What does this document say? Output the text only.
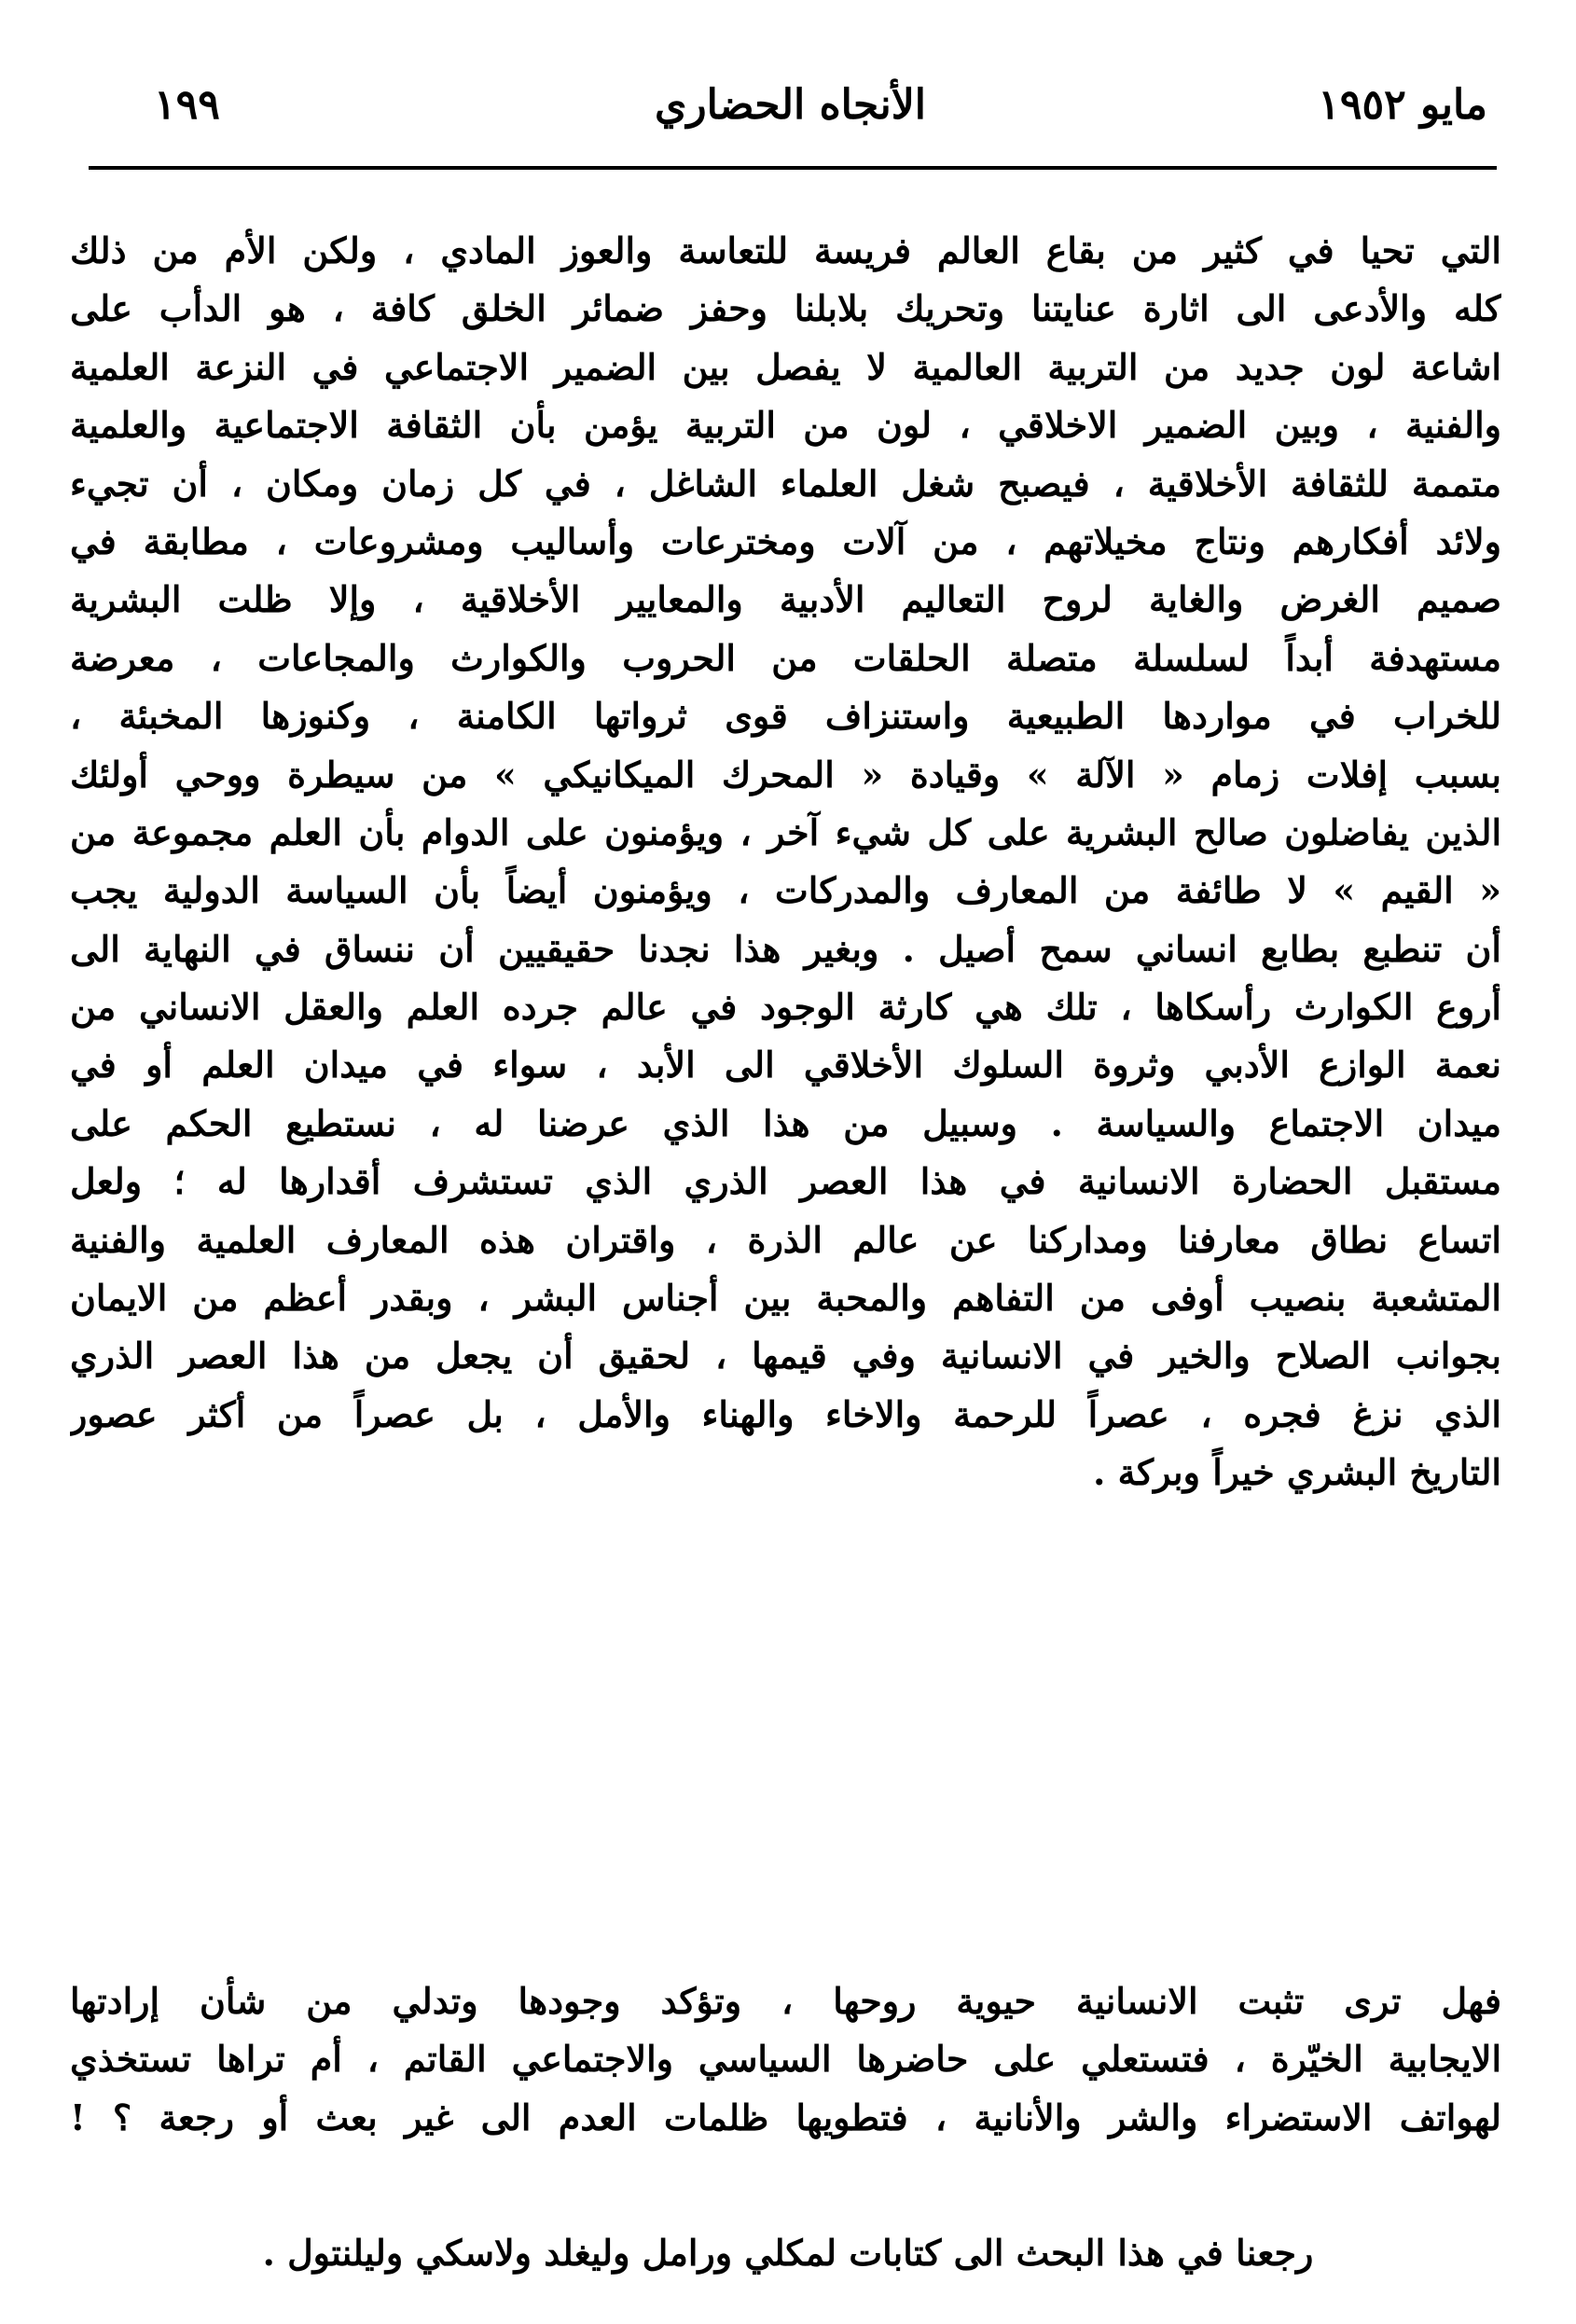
مايو ١٩٥٢
الأنجاه الحضاري
١٩٩
التي تحيا في كثير من بقاع العالم فريسة للتعاسة والعوز المادي ، ولكن الأم من ذلك
كله والأدعى الى اثارة عنايتنا وتحريك بلابلنا وحفز ضمائر الخلق كافة ، هو الدأب على
اشاعة لون جديد من التربية العالمية لا يفصل بين الضمير الاجتماعي في النزعة العلمية
والفنية ، وبين الضمير الاخلاقي ، لون من التربية يؤمن بأن الثقافة الاجتماعية والعلمية
متممة للثقافة الأخلاقية ، فيصبح شغل العلماء الشاغل ، في كل زمان ومكان ، أن تجيء
ولائد أفكارهم ونتاج مخيلاتهم ، من آلات ومخترعات وأساليب ومشروعات ، مطابقة في
صميم الغرض والغاية لروح التعاليم الأدبية والمعايير الأخلاقية ، وإلا ظلت البشرية
مستهدفة أبداً لسلسلة متصلة الحلقات من الحروب والكوارث والمجاعات ، معرضة
للخراب في مواردها الطبيعية واستنزاف قوى ثرواتها الكامنة ، وكنوزها المخبئة ،
بسبب إفلات زمام « الآلة » وقيادة « المحرك الميكانيكي » من سيطرة ووحي أولئك
الذين يفاضلون صالح البشرية على كل شيء آخر ، ويؤمنون على الدوام بأن العلم مجموعة من
« القيم » لا طائفة من المعارف والمدركات ، ويؤمنون أيضاً بأن السياسة الدولية يجب
أن تنطبع بطابع انساني سمح أصيل . وبغير هذا نجدنا حقيقيين أن ننساق في النهاية الى
أروع الكوارث رأسكاها ، تلك هي كارثة الوجود في عالم جرده العلم والعقل الانساني من
نعمة الوازع الأدبي وثروة السلوك الأخلاقي الى الأبد ، سواء في ميدان العلم أو في
ميدان الاجتماع والسياسة . وسبيل من هذا الذي عرضنا له ، نستطيع الحكم على
مستقبل الحضارة الانسانية في هذا العصر الذري الذي تستشرف أقدارها له ؛ ولعل
اتساع نطاق معارفنا ومداركنا عن عالم الذرة ، واقتران هذه المعارف العلمية والفنية
المتشعبة بنصيب أوفى من التفاهم والمحبة بين أجناس البشر ، وبقدر أعظم من الايمان
بجوانب الصلاح والخير في الانسانية وفي قيمها ، لحقيق أن يجعل من هذا العصر الذري
الذي نزغ فجره ، عصراً للرحمة والاخاء والهناء والأمل ، بل عصراً من أكثر عصور
التاريخ البشري خيراً وبركة .
فهل ترى تثبت الانسانية حيوية روحها ، وتؤكد وجودها وتدلي من شأن إرادتها
الايجابية الخيّرة ، فتستعلي على حاضرها السياسي والاجتماعي القاتم ، أم تراها تستخذي
لهواتف الاستضراء والشر والأنانية ، فتطويها ظلمات العدم الى غير بعث أو رجعة ؟ !
رجعنا في هذا البحث الى كتابات لمكلي ورامل وليغلد ولاسكي وليلنتول .
